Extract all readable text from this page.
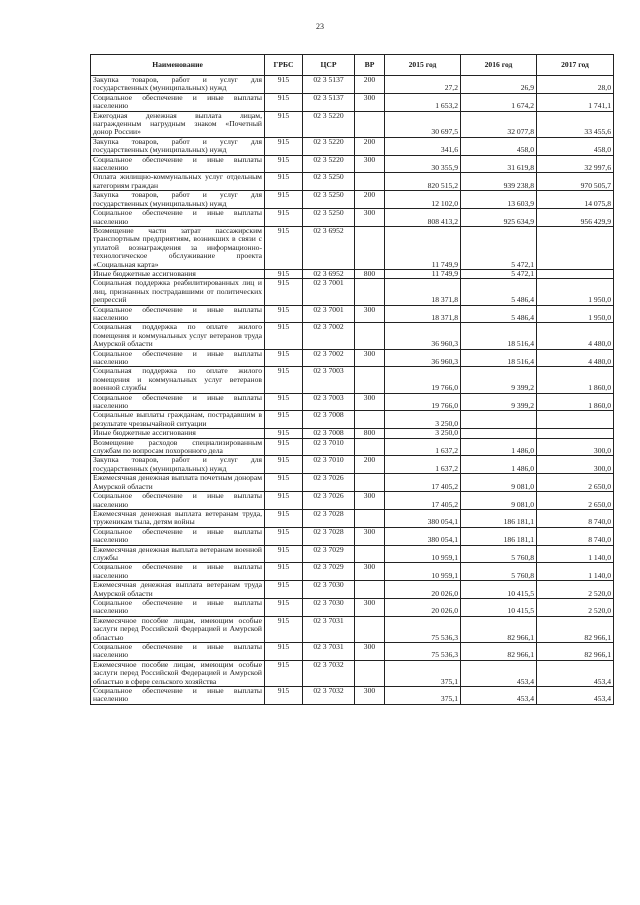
23
Наименование	ГРБС	ЦСР	ВР	2015 год	2016 год	2017 год
Закупка товаров, работ и услуг для государственных (муниципальных) нужд	915	02 3 5137	200	27,2	26,9	28,0
Социальное обеспечение и иные выплаты населению	915	02 3 5137	300	1 653,2	1 674,2	1 741,1
Ежегодная денежная выплата лицам, награжденным нагрудным знаком «Почетный донор России»	915	02 3 5220		30 697,5	32 077,8	33 455,6
Закупка товаров, работ и услуг для государственных (муниципальных) нужд	915	02 3 5220	200	341,6	458,0	458,0
Социальное обеспечение и иные выплаты населению	915	02 3 5220	300	30 355,9	31 619,8	32 997,6
Оплата жилищно-коммунальных услуг отдельным категориям граждан	915	02 3 5250		820 515,2	939 238,8	970 505,7
Закупка товаров, работ и услуг для государственных (муниципальных) нужд	915	02 3 5250	200	12 102,0	13 603,9	14 075,8
Социальное обеспечение и иные выплаты населению	915	02 3 5250	300	808 413,2	925 634,9	956 429,9
Возмещение части затрат пассажирским транспортным предприятиям, возникших в связи с уплатой вознаграждения за информационно-технологическое обслуживание проекта «Социальная карта»	915	02 3 6952		11 749,9	5 472,1	
Иные бюджетные ассигнования	915	02 3 6952	800	11 749,9	5 472,1	
Социальная поддержка реабилитированных лиц и лиц, признанных пострадавшими от политических репрессий	915	02 3 7001		18 371,8	5 486,4	1 950,0
Социальное обеспечение и иные выплаты населению	915	02 3 7001	300	18 371,8	5 486,4	1 950,0
Социальная поддержка по оплате жилого помещения и коммунальных услуг ветеранов труда Амурской области	915	02 3 7002		36 960,3	18 516,4	4 480,0
Социальное обеспечение и иные выплаты населению	915	02 3 7002	300	36 960,3	18 516,4	4 480,0
Социальная поддержка по оплате жилого помещения и коммунальных услуг ветеранов военной службы	915	02 3 7003		19 766,0	9 399,2	1 860,0
Социальное обеспечение и иные выплаты населению	915	02 3 7003	300	19 766,0	9 399,2	1 860,0
Социальные выплаты гражданам, пострадавшим в результате чрезвычайной ситуации	915	02 3 7008		3 250,0		
Иные бюджетные ассигнования	915	02 3 7008	800	3 250,0		
Возмещение расходов специализированным службам по вопросам похоронного дела	915	02 3 7010		1 637,2	1 486,0	300,0
Закупка товаров, работ и услуг для государственных (муниципальных) нужд	915	02 3 7010	200	1 637,2	1 486,0	300,0
Ежемесячная денежная выплата почетным донорам Амурской области	915	02 3 7026		17 405,2	9 081,0	2 650,0
Социальное обеспечение и иные выплаты населению	915	02 3 7026	300	17 405,2	9 081,0	2 650,0
Ежемесячная денежная выплата ветеранам труда, труженикам тыла, детям войны	915	02 3 7028		380 054,1	186 181,1	8 740,0
Социальное обеспечение и иные выплаты населению	915	02 3 7028	300	380 054,1	186 181,1	8 740,0
Ежемесячная денежная выплата ветеранам военной службы	915	02 3 7029		10 959,1	5 760,8	1 140,0
Социальное обеспечение и иные выплаты населению	915	02 3 7029	300	10 959,1	5 760,8	1 140,0
Ежемесячная денежная выплата ветеранам труда Амурской области	915	02 3 7030		20 026,0	10 415,5	2 520,0
Социальное обеспечение и иные выплаты населению	915	02 3 7030	300	20 026,0	10 415,5	2 520,0
Ежемесячное пособие лицам, имеющим особые заслуги перед Российской Федерацией и Амурской областью	915	02 3 7031		75 536,3	82 966,1	82 966,1
Социальное обеспечение и иные выплаты населению	915	02 3 7031	300	75 536,3	82 966,1	82 966,1
Ежемесячное пособие лицам, имеющим особые заслуги перед Российской Федерацией и Амурской областью в сфере сельского хозяйства	915	02 3 7032		375,1	453,4	453,4
Социальное обеспечение и иные выплаты населению	915	02 3 7032	300	375,1	453,4	453,4
